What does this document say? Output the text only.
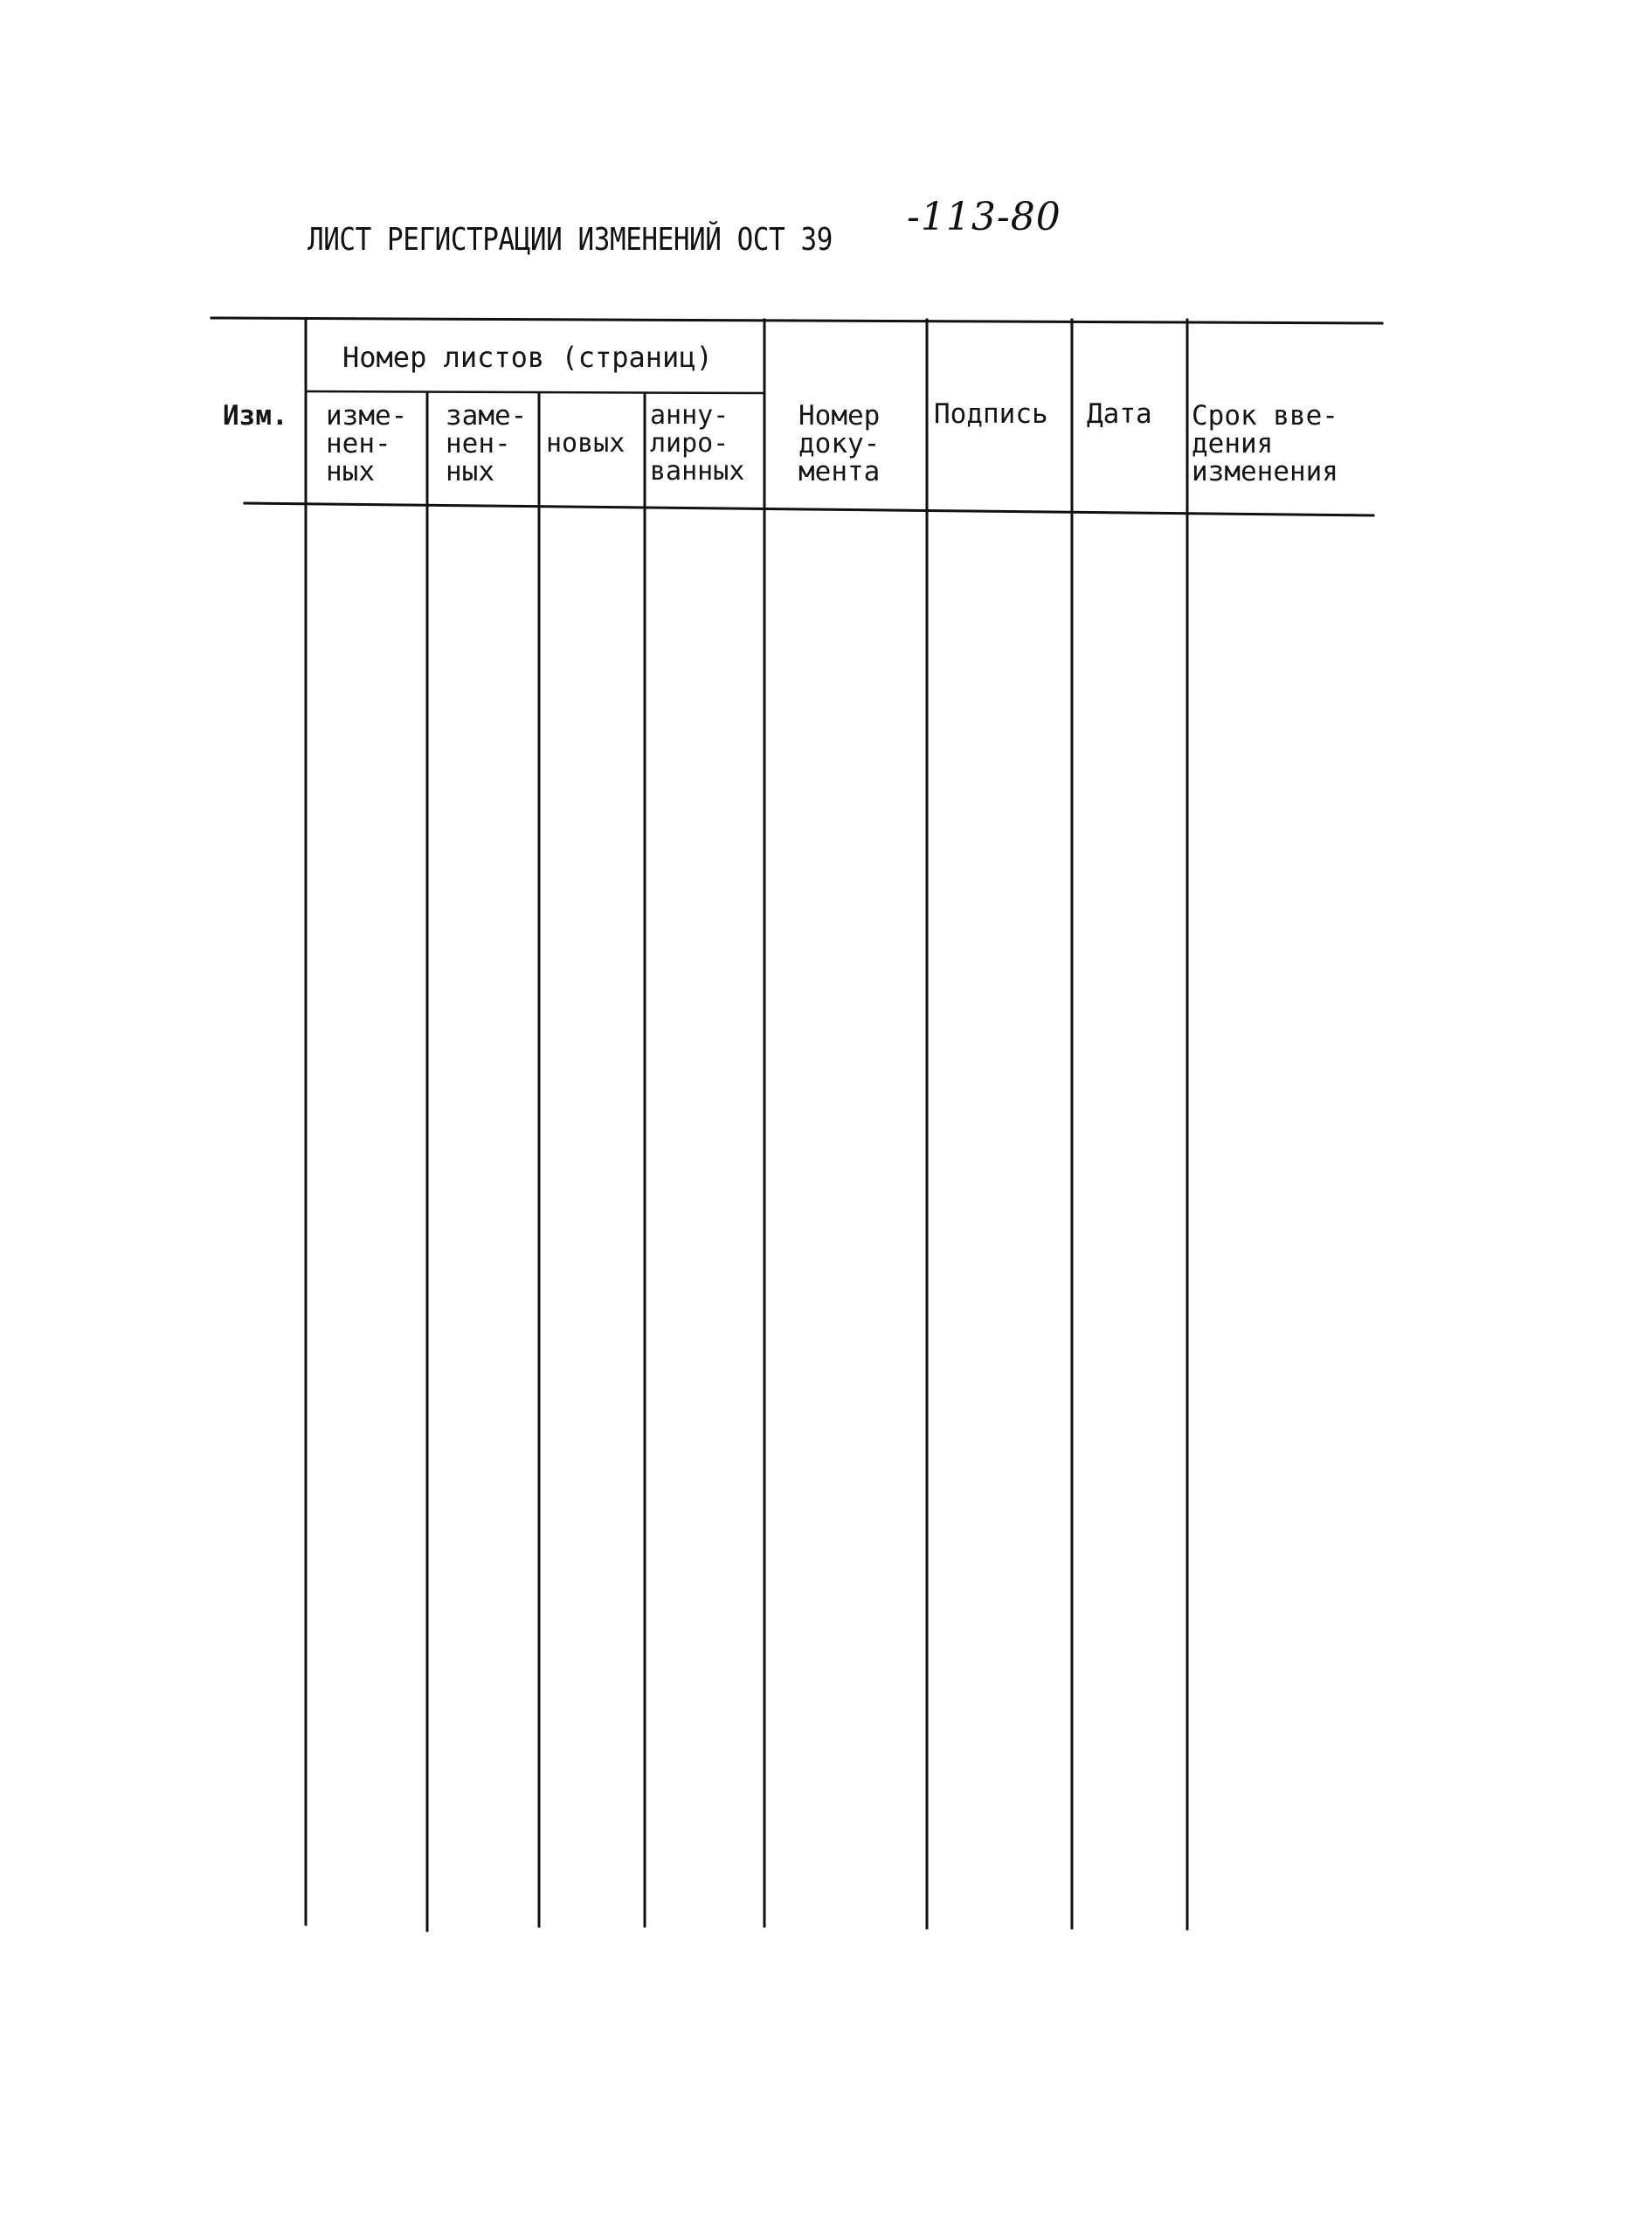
ЛИСТ РЕГИСТРАЦИИ ИЗМЕНЕНИЙ ОСТ 39
-113-80
Номер листов (страниц)
Изм. изме-
нен-
ных
заме-
нен-
ных
новых
анну-
лиро-
ванных
Номер
доку-
мента
Подпись Дата Срок вве-
дения
изменения
